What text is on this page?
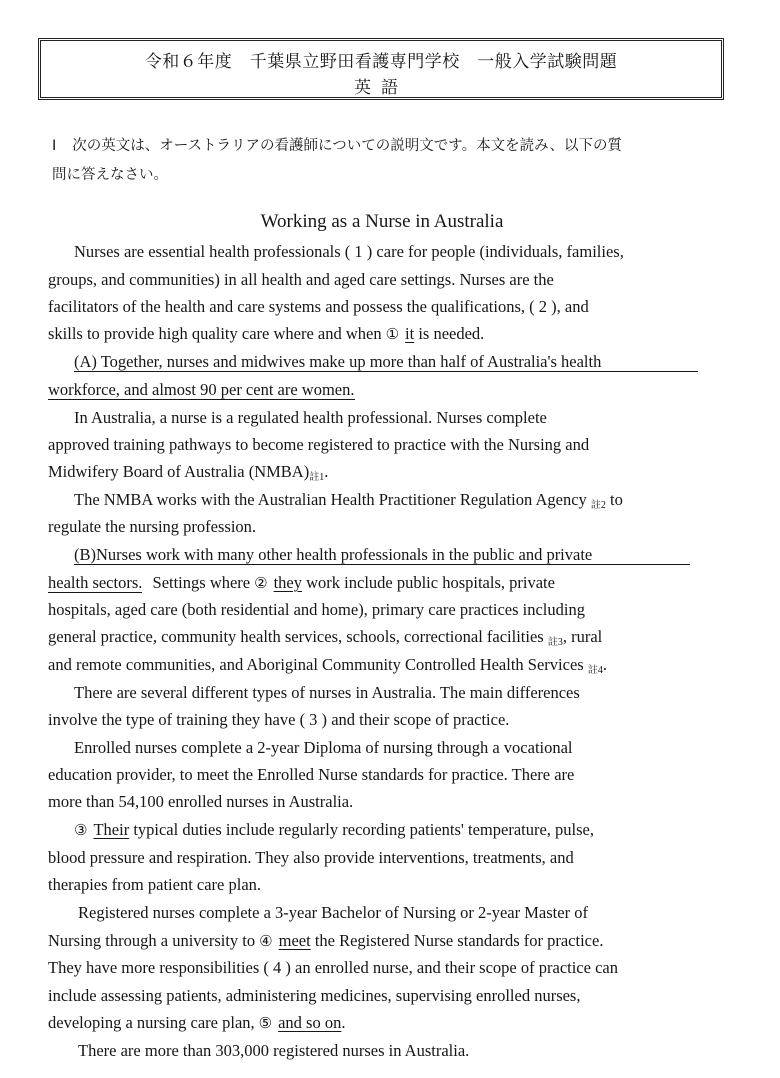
令和６年度　千葉県立野田看護専門学校　一般入学試験問題
英語
Ⅰ 次の英文は、オーストラリアの看護師についての説明文です。本文を読み、以下の質
問に答えなさい。
Working as a Nurse in Australia
Nurses are essential health professionals ( 1 ) care for people (individuals, families,
groups, and communities) in all health and aged care settings. Nurses are the
facilitators of the health and care systems and possess the qualifications, ( 2 ), and
skills to provide high quality care where and when ① it is needed.
(A) Together, nurses and midwives make up more than half of Australia's health
workforce, and almost 90 per cent are women.
In Australia, a nurse is a regulated health professional. Nurses complete
approved training pathways to become registered to practice with the Nursing and
Midwifery Board of Australia $(NMBA)_{註1}$.
The NMBA works with the Australian Health Practitioner Regulation Agency $_{註2}$ to
regulate the nursing profession.
(B)Nurses work with many other health professionals in the public and private
health sectors. Settings where ② they work include public hospitals, private
hospitals, aged care (both residential and home), primary care practices including
general practice, community health services, schools, correctional facilities $_{註3}$, rural
and remote communities, and Aboriginal Community Controlled Health Services $_{註4}$.
There are several different types of nurses in Australia. The main differences
involve the type of training they have ( 3 ) and their scope of practice.
Enrolled nurses complete a 2-year Diploma of nursing through a vocational
education provider, to meet the Enrolled Nurse standards for practice. There are
more than 54,100 enrolled nurses in Australia.
③ Their typical duties include regularly recording patients' temperature, pulse,
blood pressure and respiration. They also provide interventions, treatments, and
therapies from patient care plan.
Registered nurses complete a 3-year Bachelor of Nursing or 2-year Master of
Nursing through a university to ④ meet the Registered Nurse standards for practice.
They have more responsibilities ( 4 ) an enrolled nurse, and their scope of practice can
include assessing patients, administering medicines, supervising enrolled nurses,
developing a nursing care plan, ⑤ and so on.
There are more than 303,000 registered nurses in Australia.
